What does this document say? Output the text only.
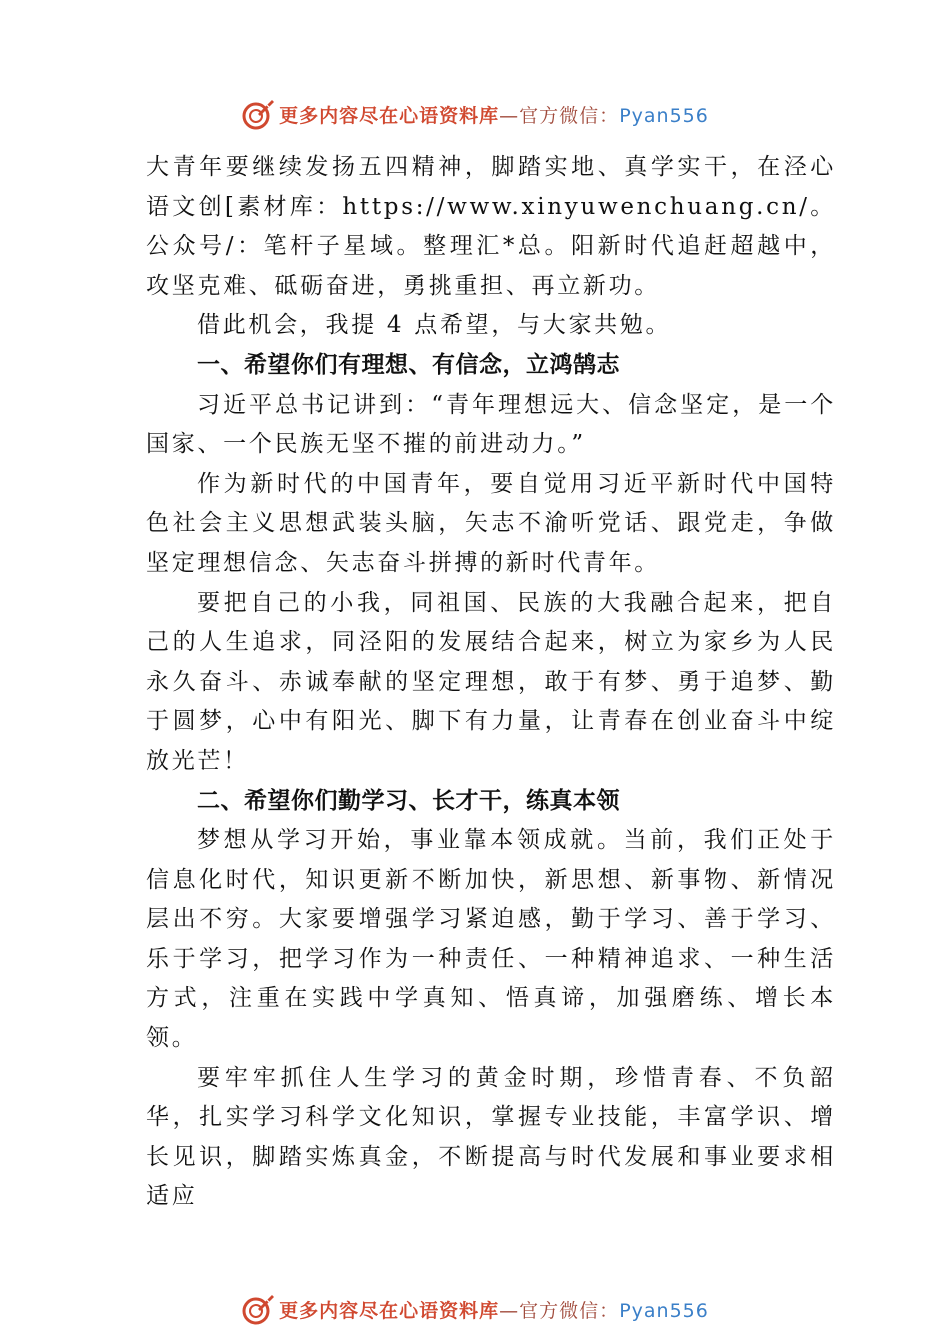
更多内容尽在心语资料库—官方微信：Pyan556

大青年要继续发扬五四精神，脚踏实地、真学实干，在泾心语文创[素材库：https://www.xinyuwenchuang.cn/。公众号/：笔杆子星域。整理汇*总。阳新时代追赶超越中，攻坚克难、砥砺奋进，勇挑重担、再立新功。

借此机会，我提 4 点希望，与大家共勉。

一、希望你们有理想、有信念，立鸿鹄志

习近平总书记讲到：“青年理想远大、信念坚定，是一个国家、一个民族无坚不摧的前进动力。”

作为新时代的中国青年，要自觉用习近平新时代中国特色社会主义思想武装头脑，矢志不渝听党话、跟党走，争做坚定理想信念、矢志奋斗拼搏的新时代青年。

要把自己的小我，同祖国、民族的大我融合起来，把自己的人生追求，同泾阳的发展结合起来，树立为家乡为人民永久奋斗、赤诚奉献的坚定理想，敢于有梦、勇于追梦、勤于圆梦，心中有阳光、脚下有力量，让青春在创业奋斗中绽放光芒！

二、希望你们勤学习、长才干，练真本领

梦想从学习开始，事业靠本领成就。当前，我们正处于信息化时代，知识更新不断加快，新思想、新事物、新情况层出不穷。大家要增强学习紧迫感，勤于学习、善于学习、乐于学习，把学习作为一种责任、一种精神追求、一种生活方式，注重在实践中学真知、悟真谛，加强磨练、增长本领。

要牢牢抓住人生学习的黄金时期，珍惜青春、不负韶华，扎实学习科学文化知识，掌握专业技能，丰富学识、增长见识，脚踏实炼真金，不断提高与时代发展和事业要求相适应

更多内容尽在心语资料库—官方微信：Pyan556
